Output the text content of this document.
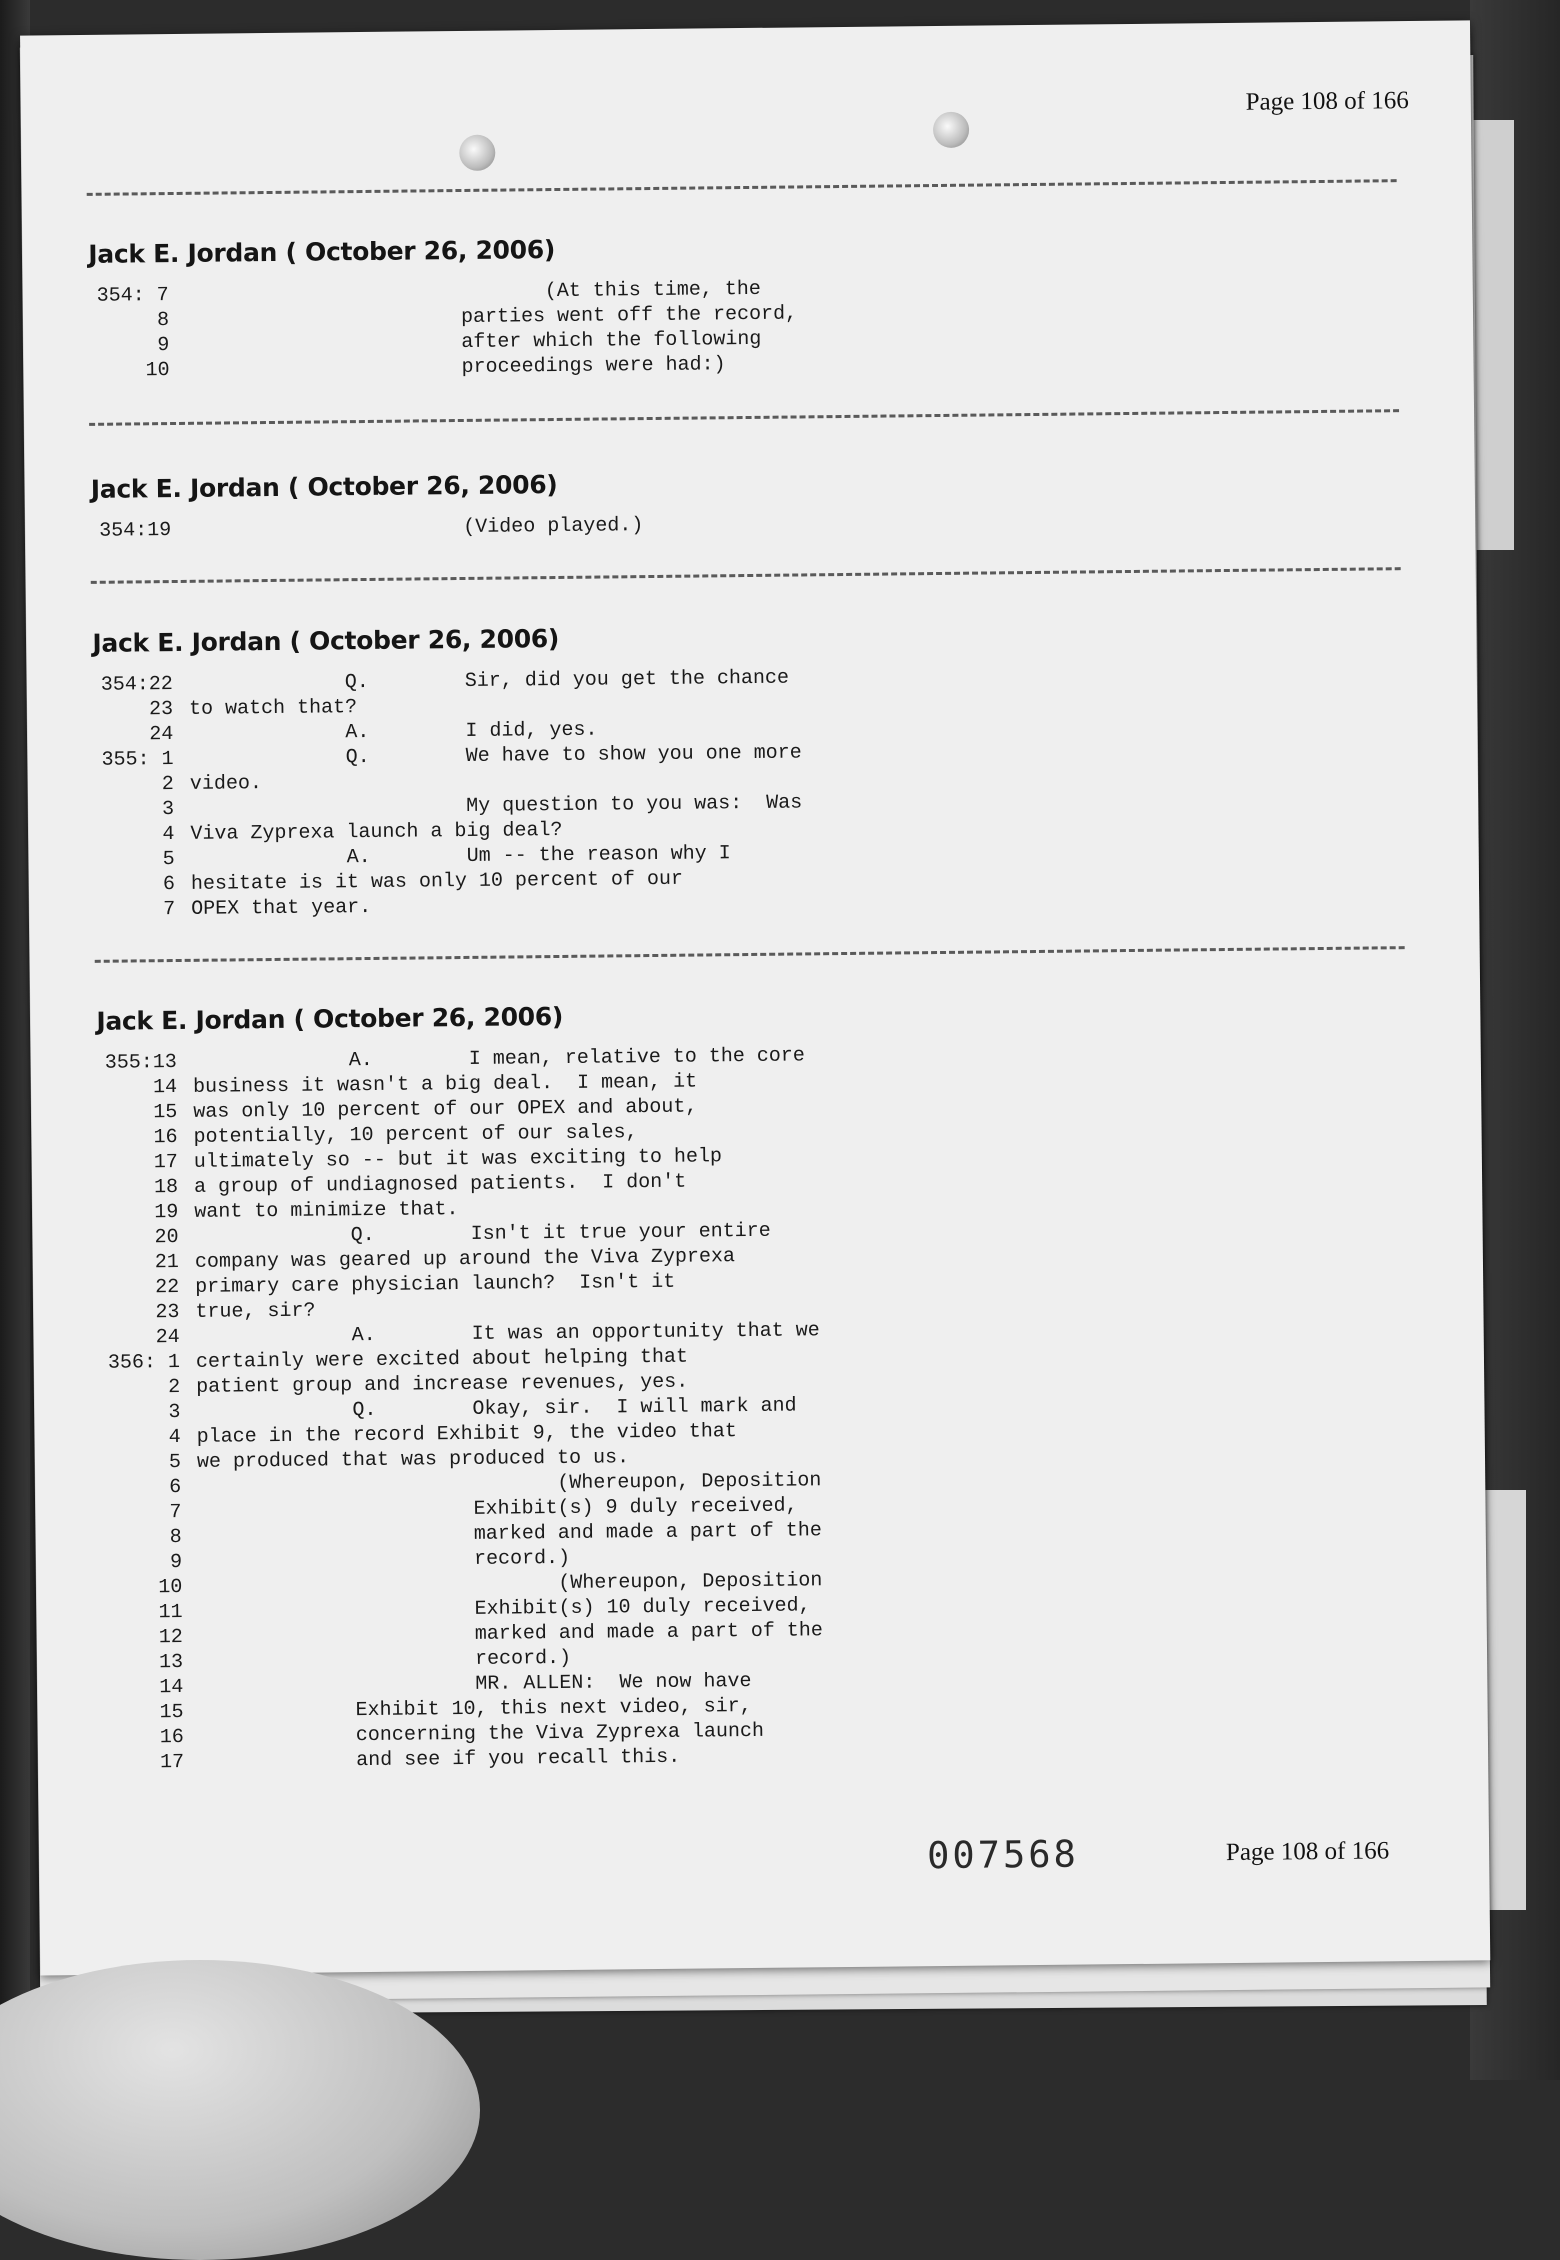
Page 108 of 166
Jack E. Jordan ( October 26, 2006)
354: 7 (At this time, the
8 parties went off the record,
9 after which the following
10 proceedings were had:)
Jack E. Jordan ( October 26, 2006)
354:19 (Video played.)
Jack E. Jordan ( October 26, 2006)
354:22 Q.        Sir, did you get the chance
23 to watch that?
24 A.        I did, yes.
355: 1 Q.        We have to show you one more
2 video.
3 My question to you was:  Was
4 Viva Zyprexa launch a big deal?
5 A.        Um -- the reason why I
6 hesitate is it was only 10 percent of our
7 OPEX that year.
Jack E. Jordan ( October 26, 2006)
355:13 A.        I mean, relative to the core
14 business it wasn't a big deal.  I mean, it
15 was only 10 percent of our OPEX and about,
16 potentially, 10 percent of our sales,
17 ultimately so -- but it was exciting to help
18 a group of undiagnosed patients.  I don't
19 want to minimize that.
20 Q.        Isn't it true your entire
21 company was geared up around the Viva Zyprexa
22 primary care physician launch?  Isn't it
23 true, sir?
24 A.        It was an opportunity that we
356: 1 certainly were excited about helping that
2 patient group and increase revenues, yes.
3 Q.        Okay, sir.  I will mark and
4 place in the record Exhibit 9, the video that
5 we produced that was produced to us.
6 (Whereupon, Deposition
7 Exhibit(s) 9 duly received,
8 marked and made a part of the
9 record.)
10 (Whereupon, Deposition
11 Exhibit(s) 10 duly received,
12 marked and made a part of the
13 record.)
14 MR. ALLEN:  We now have
15 Exhibit 10, this next video, sir,
16 concerning the Viva Zyprexa launch
17 and see if you recall this.
007568	Page 108 of 166
